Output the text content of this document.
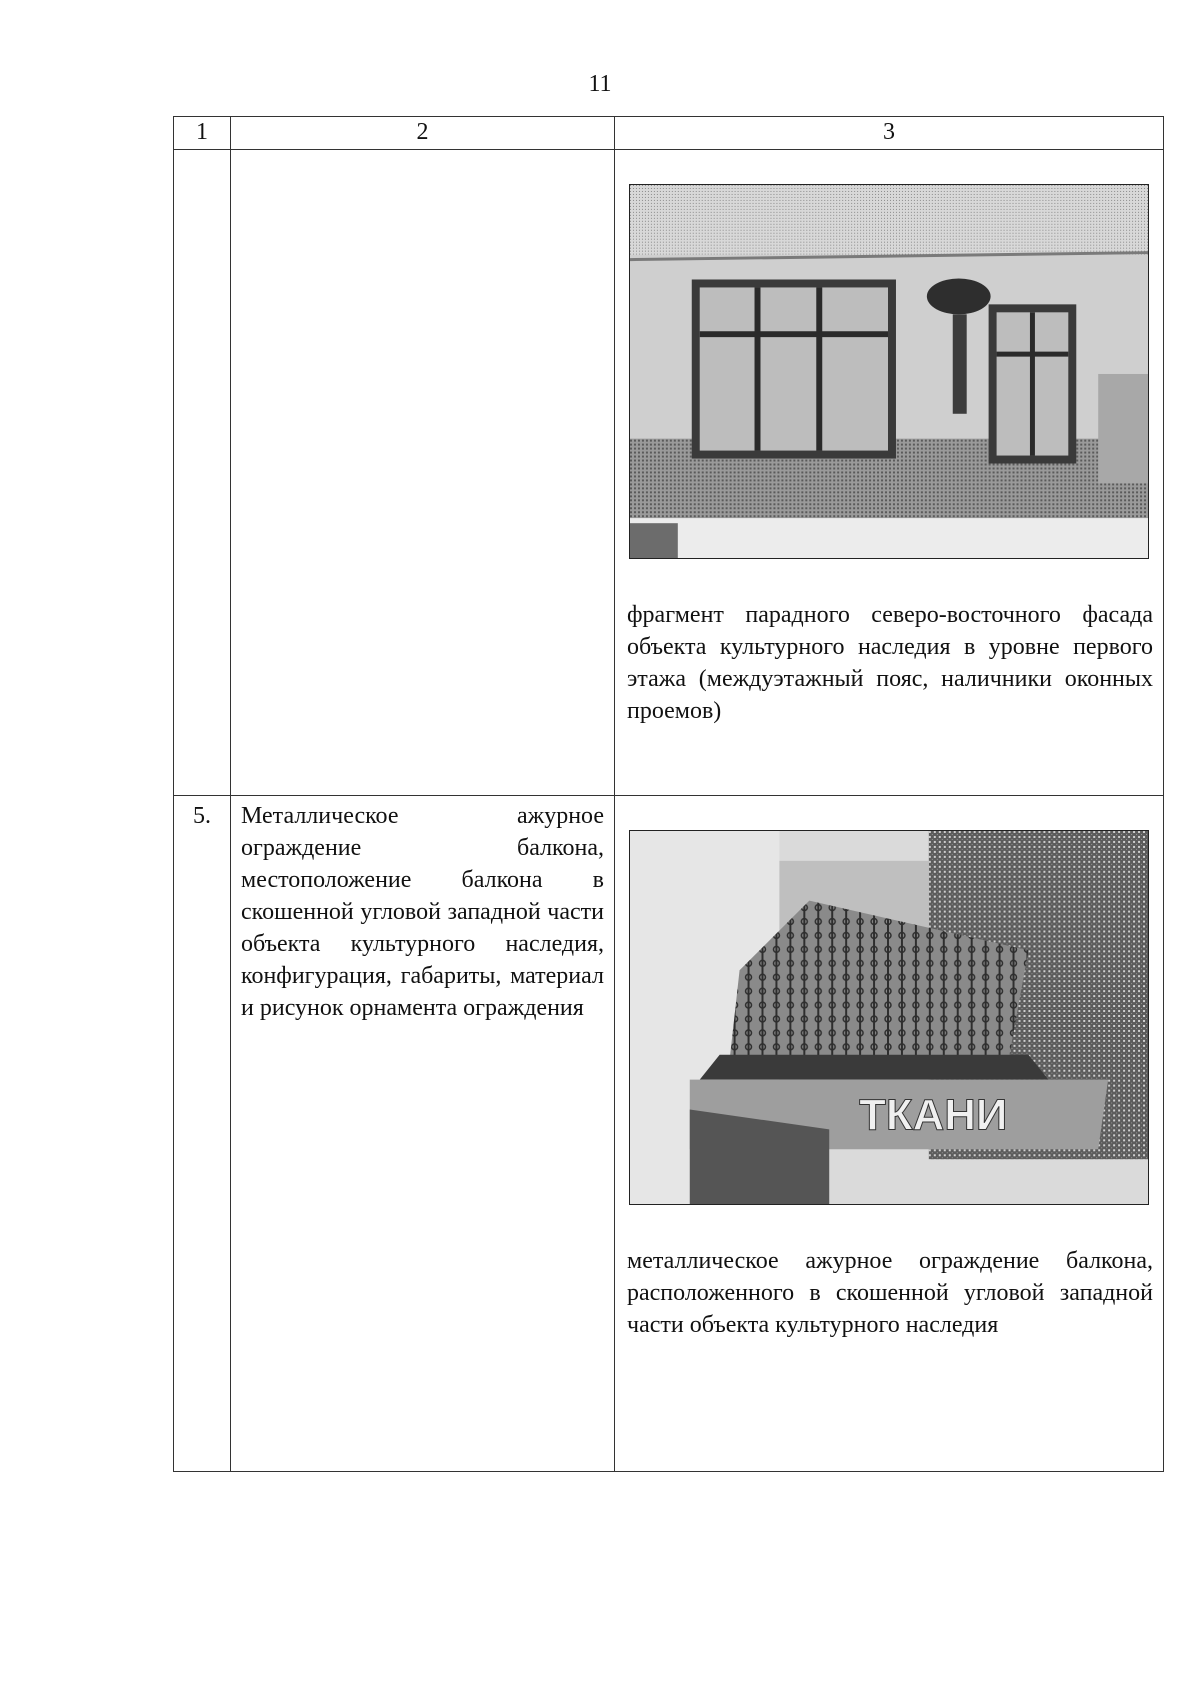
11
1	2	3

		фрагмент парадного северо-восточного фасада объекта культурного наследия в уровне первого этажа (междуэтажный пояс, наличники оконных проемов)

5.	Металлическое ажурное ограждение балкона, местоположение балкона в скошенной угловой западной части объекта культурного наследия, конфигурация, габариты, материал и рисунок орнамента ограждения	ТКАНИ
металлическое ажурное ограждение балкона, расположенного в скошенной угловой западной части объекта культурного наследия
